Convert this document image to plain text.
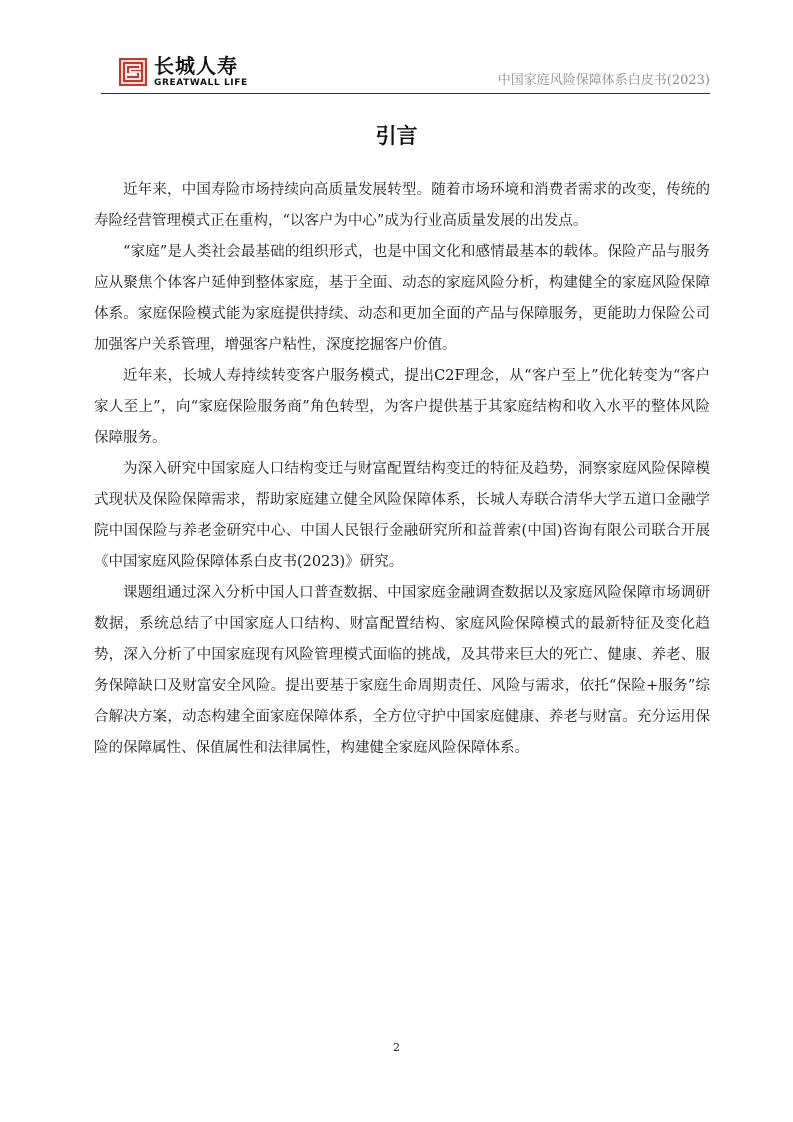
长城人寿
GREATWALL LIFE	中国家庭风险保障体系白皮书(2023)
引言

近年来，中国寿险市场持续向高质量发展转型。随着市场环境和消费者需求的改变，传统的寿险经营管理模式正在重构，“以客户为中心”成为行业高质量发展的出发点。

“家庭”是人类社会最基础的组织形式，也是中国文化和感情最基本的载体。保险产品与服务应从聚焦个体客户延伸到整体家庭，基于全面、动态的家庭风险分析，构建健全的家庭风险保障体系。家庭保险模式能为家庭提供持续、动态和更加全面的产品与保障服务，更能助力保险公司加强客户关系管理，增强客户粘性，深度挖掘客户价值。

近年来，长城人寿持续转变客户服务模式，提出C2F理念，从“客户至上”优化转变为“客户家人至上”，向“家庭保险服务商”角色转型，为客户提供基于其家庭结构和收入水平的整体风险保障服务。

为深入研究中国家庭人口结构变迁与财富配置结构变迁的特征及趋势，洞察家庭风险保障模式现状及保险保障需求，帮助家庭建立健全风险保障体系，长城人寿联合清华大学五道口金融学院中国保险与养老金研究中心、中国人民银行金融研究所和益普索(中国)咨询有限公司联合开展《中国家庭风险保障体系白皮书(2023)》研究。

课题组通过深入分析中国人口普查数据、中国家庭金融调查数据以及家庭风险保障市场调研数据，系统总结了中国家庭人口结构、财富配置结构、家庭风险保障模式的最新特征及变化趋势，深入分析了中国家庭现有风险管理模式面临的挑战，及其带来巨大的死亡、健康、养老、服务保障缺口及财富安全风险。提出要基于家庭生命周期责任、风险与需求，依托“保险+服务”综合解决方案，动态构建全面家庭保障体系，全方位守护中国家庭健康、养老与财富。充分运用保险的保障属性、保值属性和法律属性，构建健全家庭风险保障体系。

2
